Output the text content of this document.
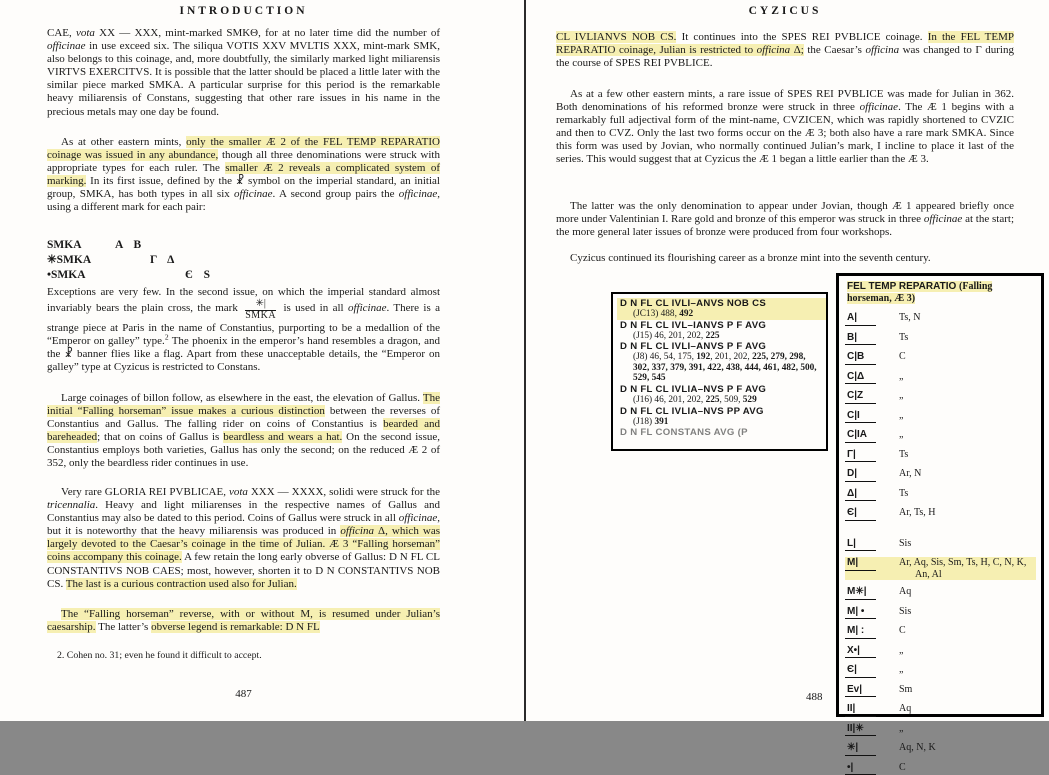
INTRODUCTION
CAE, vota XX — XXX, mint-marked SMKΘ, for at no later time did the number of officinae in use exceed six. The siliqua VOTIS XXV MVLTIS XXX, mint-mark SMK, also belongs to this coinage, and, more doubtfully, the similarly marked light miliarensis VIRTVS EXERCITVS. It is possible that the latter should be placed a little later with the similar piece marked SMKA. A particular surprise for this period is the remarkable heavy miliarensis of Constans, suggesting that other rare issues in his name in the precious metals may one day be found.
As at other eastern mints, only the smaller Æ 2 of the FEL TEMP REPARATIO coinage was issued in any abundance, though all three denominations were struck with appropriate types for each ruler. The smaller Æ 2 reveals a complicated system of marking. In its first issue, defined by the ☧ symbol on the imperial standard, an initial group, SMKA, has both types in all six officinae. A second group pairs the officinae, using a different mark for each pair:
SMKA	A B
✳SMKA	Γ Δ
•SMKA	Є S
Exceptions are very few. In the second issue, on which the imperial standard almost invariably bears the plain cross, the mark $\frac{✳|}{\text{SMKA}}$ is used in all officinae. There is a strange piece at Paris in the name of Constantius, purporting to be a medallion of the “Emperor on galley” type.$^2$ The phoenix in the emperor’s hand resembles a dragon, and the ☧ banner flies like a flag. Apart from these unacceptable details, the “Emperor on galley” type at Cyzicus is restricted to Constans.
Large coinages of billon follow, as elsewhere in the east, the elevation of Gallus. The initial “Falling horseman” issue makes a curious distinction between the reverses of Constantius and Gallus. The falling rider on coins of Constantius is bearded and bareheaded; that on coins of Gallus is beardless and wears a hat. On the second issue, Constantius employs both varieties, Gallus has only the second; on the reduced Æ 2 of 352, only the beardless rider continues in use.
Very rare GLORIA REI PVBLICAE, vota XXX — XXXX, solidi were struck for the tricennalia. Heavy and light miliarenses in the respective names of Gallus and Constantius may also be dated to this period. Coins of Gallus were struck in all officinae, but it is noteworthy that the heavy miliarensis was produced in officina Δ, which was largely devoted to the Caesar’s coinage in the time of Julian. Æ 3 “Falling horseman” coins accompany this coinage. A few retain the long early obverse of Gallus: D N FL CL CONSTANTIVS NOB CAES; most, however, shorten it to D N CONSTANTIVS NOB CS. The last is a curious contraction used also for Julian.
The “Falling horseman” reverse, with or without M, is resumed under Julian’s caesarship. The latter’s obverse legend is remarkable: D N FL
2. Cohen no. 31; even he found it difficult to accept.
487
CYZICUS
CL IVLIANVS NOB CS. It continues into the SPES REI PVBLICE coinage. In the FEL TEMP REPARATIO coinage, Julian is restricted to officina Δ; the Caesar’s officina was changed to Γ during the course of SPES REI PVBLICE.
As at a few other eastern mints, a rare issue of SPES REI PVBLICE was made for Julian in 362. Both denominations of his reformed bronze were struck in three officinae. The Æ 1 begins with a remarkably full adjectival form of the mint-name, CVZICEN, which was rapidly shortened to CVZIC and then to CVZ. Only the last two forms occur on the Æ 3; both also have a rare mark SMKA. Since this form was used by Jovian, who normally continued Julian’s mark, I incline to place it last of the series. This would suggest that at Cyzicus the Æ 1 began a little earlier than the Æ 3.
The latter was the only denomination to appear under Jovian, though Æ 1 appeared briefly once more under Valentinian I. Rare gold and bronze of this emperor was struck in three officinae at the start; the more general later issues of bronze were produced from four workshops.
Cyzicus continued its flourishing career as a bronze mint into the seventh century.
D N FL CL IVLI–ANVS NOB CS
(JC13) 488, 492
D N FL CL IVL–IANVS P F AVG
(J15) 46, 201, 202, 225
D N FL CL IVLI–ANVS P F AVG
(J8) 46, 54, 175, 192, 201, 202, 225, 279, 298, 302, 337, 379, 391, 422, 438, 444, 461, 482, 500, 529, 545
D N FL CL IVLIA–NVS P F AVG
(J16) 46, 201, 202, 225, 509, 529
D N FL CL IVLIA–NVS PP AVG
(J18) 391
D N FL CONSTANS AVG (P
FEL TEMP REPARATIO (Falling horseman, Æ 3)
A|	Ts, N
B|	Ts
C|B	C
C|Δ	„
C|Z	„
C|I	„
C|IA	„
Γ|	Ts
D|	Ar, N
Δ|	Ts
Є|	Ar, Ts, H
L|	Sis
M|	Ar, Aq, Sis, Sm, Ts, H, C, N, K, An, Al
M✳|	Aq
M| •	Sis
M| :	C
X•|	„
Є|	„
Ev|	Sm
II|	Aq
II|✳	„
✳|	Aq, N, K
•|	C
488
